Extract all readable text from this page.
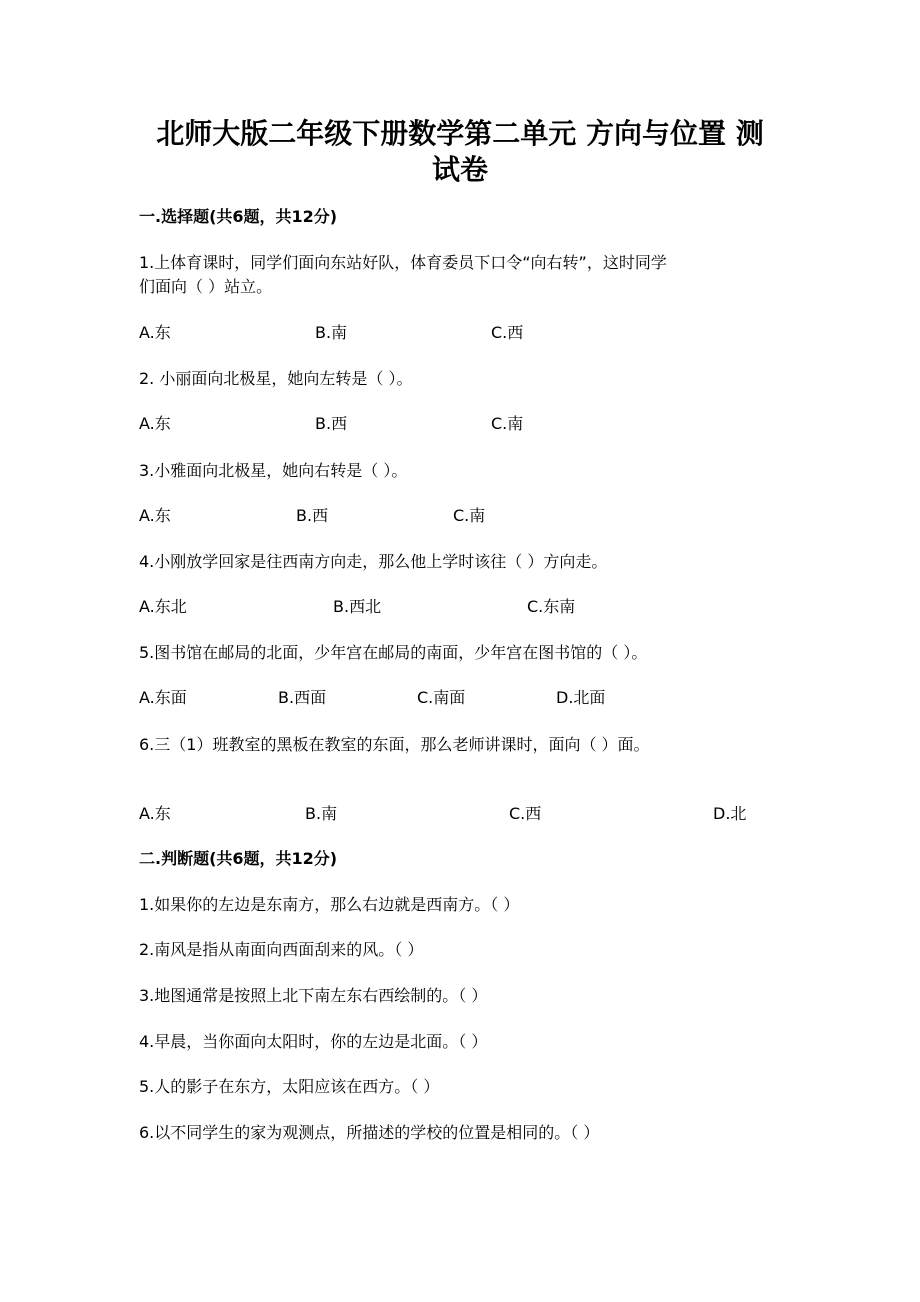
北师大版二年级下册数学第二单元 方向与位置 测
试卷
一.选择题(共6题，共12分)
1.上体育课时，同学们面向东站好队，体育委员下口令“向右转”，这时同学
们面向（ ）站立。
A.东	B.南	C.西
2. 小丽面向北极星，她向左转是（ ）。
A.东	B.西	C.南
3.小雅面向北极星，她向右转是（ ）。
A.东	B.西	C.南
4.小刚放学回家是往西南方向走，那么他上学时该往（ ）方向走。
A.东北	B.西北	C.东南
5.图书馆在邮局的北面，少年宫在邮局的南面，少年宫在图书馆的（ ）。
A.东面	B.西面	C.南面	D.北面
6.三（1）班教室的黑板在教室的东面，那么老师讲课时，面向（ ）面。
A.东	B.南	C.西	D.北
二.判断题(共6题，共12分)
1.如果你的左边是东南方，那么右边就是西南方。（ ）
2.南风是指从南面向西面刮来的风。（ ）
3.地图通常是按照上北下南左东右西绘制的。（ ）
4.早晨，当你面向太阳时，你的左边是北面。（ ）
5.人的影子在东方，太阳应该在西方。（ ）
6.以不同学生的家为观测点，所描述的学校的位置是相同的。（ ）
